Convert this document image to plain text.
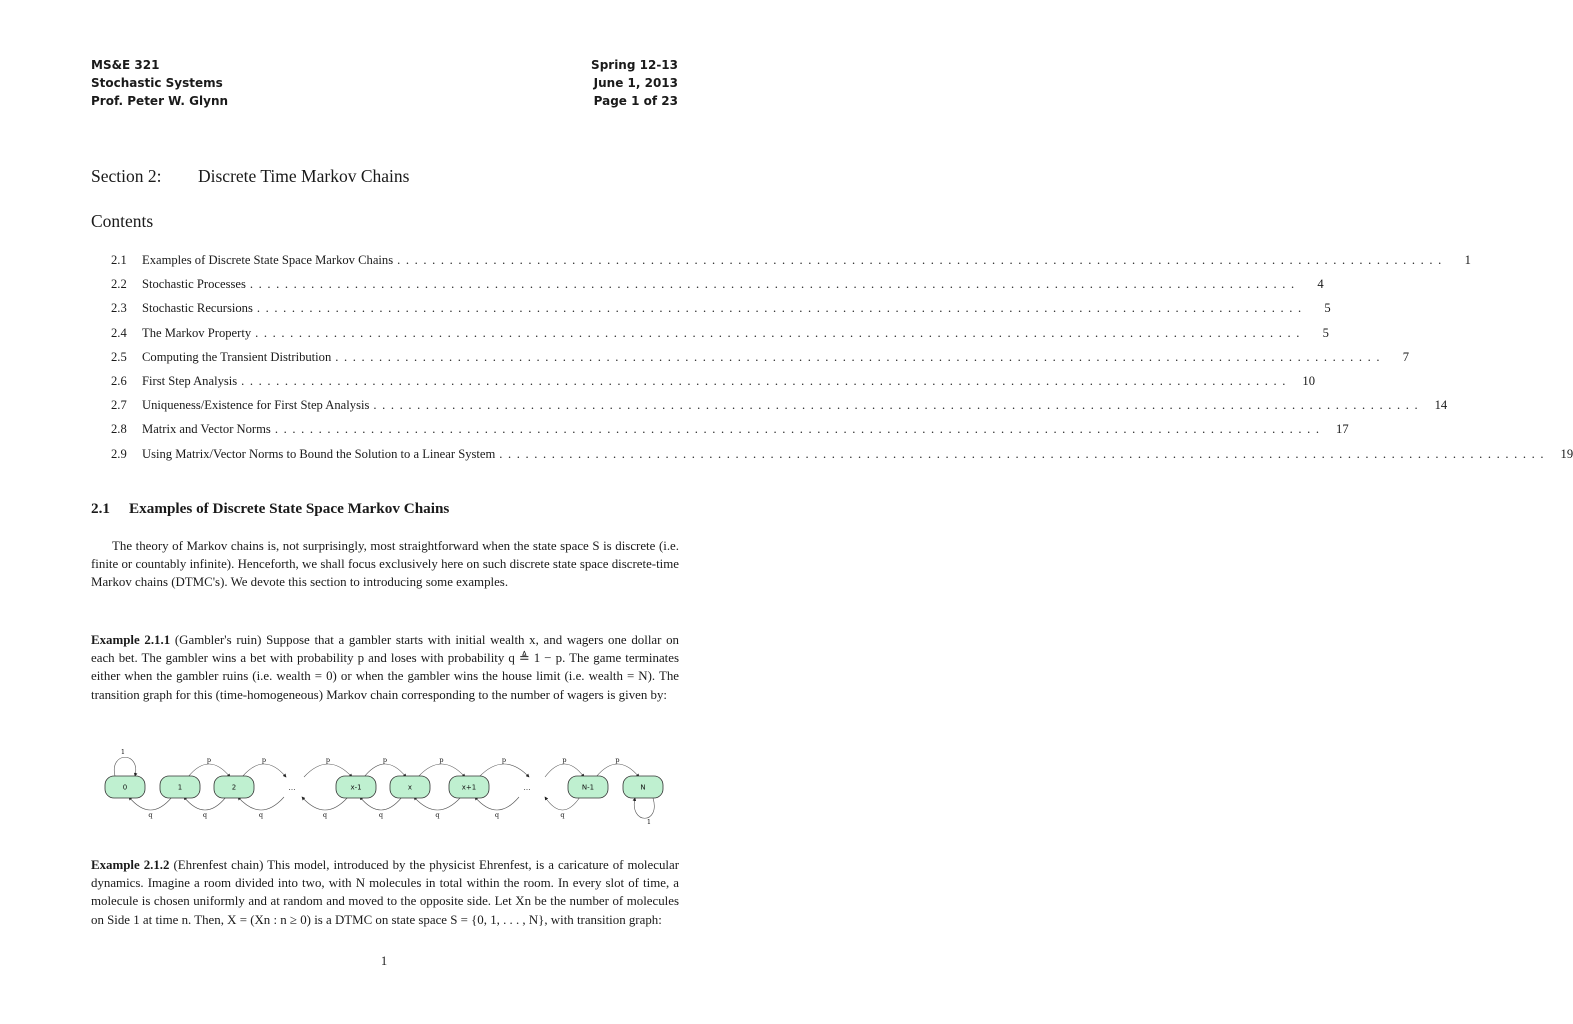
MS&E 321
Stochastic Systems
Prof. Peter W. Glynn
Spring 12-13
June 1, 2013
Page 1 of 23
Section 2: Discrete Time Markov Chains
Contents
2.1	Examples of Discrete State Space Markov Chains ........................................................................................................................	1
2.2	Stochastic Processes ........................................................................................................................	4
2.3	Stochastic Recursions ........................................................................................................................	5
2.4	The Markov Property ........................................................................................................................	5
2.5	Computing the Transient Distribution ........................................................................................................................	7
2.6	First Step Analysis ........................................................................................................................ 10
2.7	Uniqueness/Existence for First Step Analysis ........................................................................................................................ 14
2.8	Matrix and Vector Norms ........................................................................................................................ 17
2.9	Using Matrix/Vector Norms to Bound the Solution to a Linear System ........................................................................................................................ 19
2.1 Examples of Discrete State Space Markov Chains
The theory of Markov chains is, not surprisingly, most straightforward when the state space S is discrete (i.e. finite or countably infinite). Henceforth, we shall focus exclusively here on such discrete state space discrete-time Markov chains (DTMC's). We devote this section to introducing some examples.
Example 2.1.1 (Gambler's ruin) Suppose that a gambler starts with initial wealth x, and wagers one dollar on each bet. The gambler wins a bet with probability p and loses with probability q ≜ 1 − p. The game terminates either when the gambler ruins (i.e. wealth = 0) or when the gambler wins the house limit (i.e. wealth = N). The transition graph for this (time-homogeneous) Markov chain corresponding to the number of wagers is given by:
p	p	p	p	p	p	p	p
q	q	q	q	q	q	q	q
1
1
…	…
0	1	2	x-1	x	x+1	N-1	N
Example 2.1.2 (Ehrenfest chain) This model, introduced by the physicist Ehrenfest, is a caricature of molecular dynamics. Imagine a room divided into two, with N molecules in total within the room. In every slot of time, a molecule is chosen uniformly and at random and moved to the opposite side. Let Xn be the number of molecules on Side 1 at time n. Then, X = (Xn : n ≥ 0) is a DTMC on state space S = {0, 1, . . . , N}, with transition graph:
1
